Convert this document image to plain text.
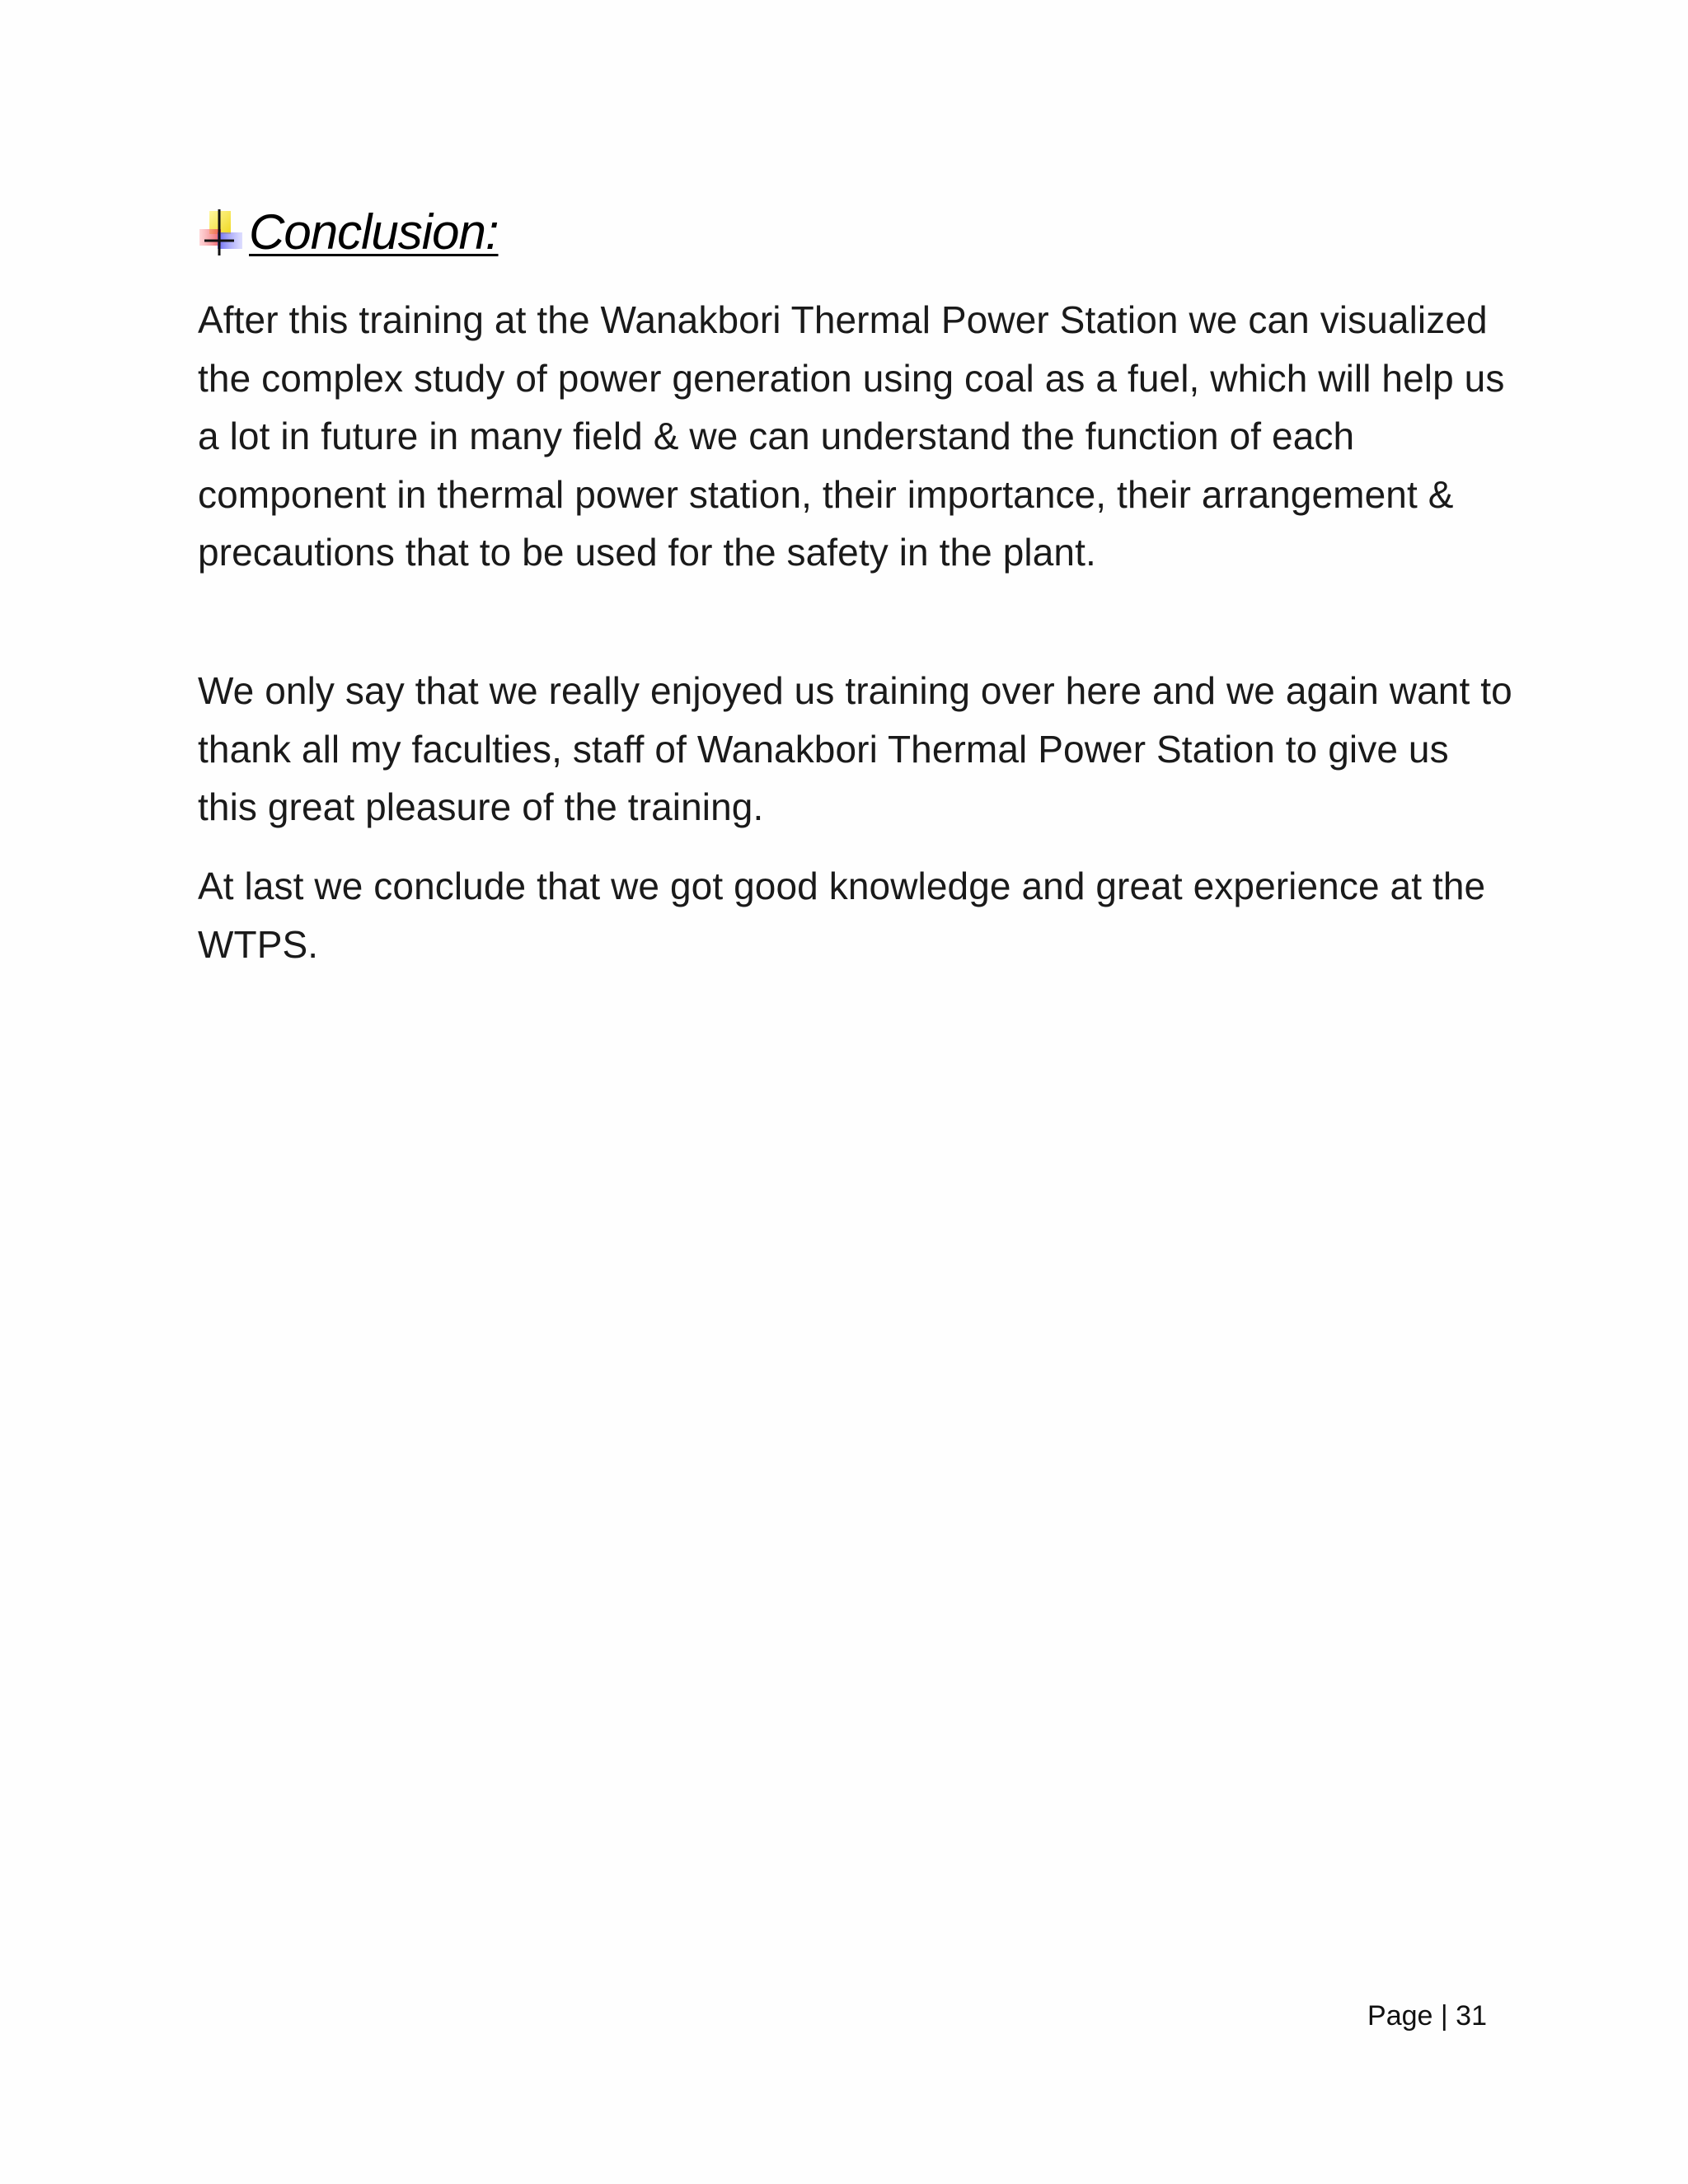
Conclusion:

After this training at the Wanakbori Thermal Power Station we can visualized the complex study of power generation using coal as a fuel, which will help us a lot in future in many field & we can understand the function of each component in thermal power station, their importance, their arrangement & precautions that to be used for the safety in the plant.

We only say that we really enjoyed us training over here and we again want to thank all my faculties, staff of Wanakbori Thermal Power Station to give us this great pleasure of the training.

At last we conclude that we got good knowledge and great experience at the WTPS.

Page | 31
